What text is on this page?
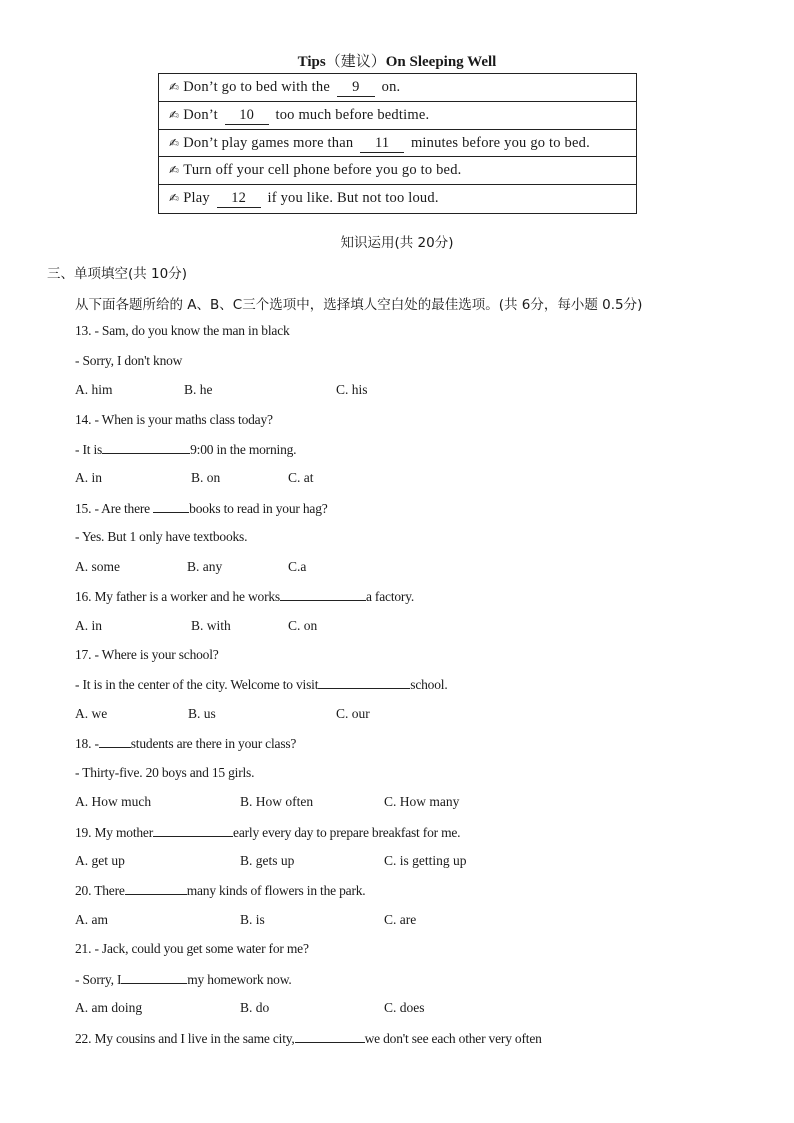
Tips（建议）On Sleeping Well
✍ Don’t go to bed with the 9 on.
✍ Don’t 10 too much before bedtime.
✍ Don’t play games more than 11 minutes before you go to bed.
✍ Turn off your cell phone before you go to bed.
✍ Play 12 if you like. But not too loud.
知识运用(共 20分)
三、单项填空(共 10分)
从下面各题所给的 A、B、C三个选项中，选择填人空白处的最佳选项。(共 6分，每小题 0.5分)
13. - Sam, do you know the man in black
- Sorry, I don't know
A. him	B. he	C. his
14. - When is your maths class today?
- It is	9:00 in the morning.
A. in	B. on	C. at
15. - Are there	books to read in your hag?
- Yes. But 1 only have textbooks.
A. some	B. any	C.a
16. My father is a worker and he works	a factory.
A. in	B. with	C. on
17. - Where is your school?
- It is in the center of the city. Welcome to visit	school.
A. we	B. us	C. our
18. - students are there in your class?
- Thirty-five. 20 boys and 15 girls.
A. How much	B. How often	C. How many
19. My mother	early every day to prepare breakfast for me.
A. get up	B. gets up	C. is getting up
20. There	many kinds of flowers in the park.
A. am	B. is	C. are
21. - Jack, could you get some water for me?
- Sorry, I	my homework now.
A. am doing	B. do	C. does
22. My cousins and I live in the same city,	we don't see each other very often
